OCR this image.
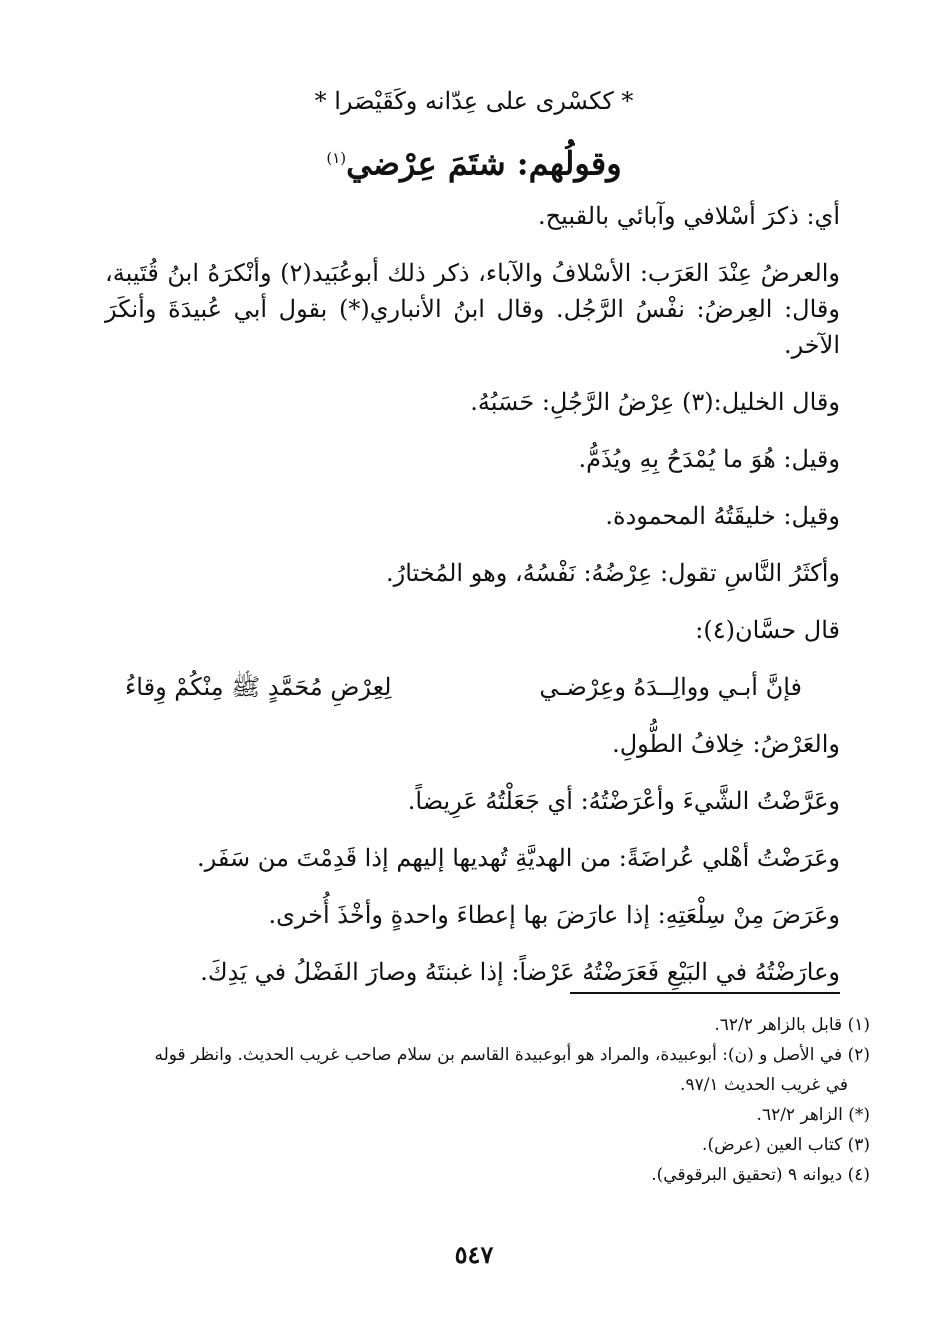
* ككسْرى على عِدّانه وكَقَيْصَرا *
وقولُهم: شتَمَ عِرْضي$^{(١)}$

أي: ذكرَ أسْلافي وآبائي بالقبيح.

والعرضُ عِنْدَ العَرَب: الأسْلافُ والآباء، ذكر ذلك أبوعُبَيد(٢) وأنْكرَهُ ابنُ قُتَيبة، وقال: العِرضُ: نفْسُ الرَّجُل. وقال ابنُ الأنباري(*) بقول أبي عُبيدَةَ وأنكَرَ الآخر.

وقال الخليل:(٣) عِرْضُ الرَّجُلِ: حَسَبُهُ.

وقيل: هُوَ ما يُمْدَحُ بِهِ ويُذَمُّ.

وقيل: خليقَتُهُ المحمودة.

وأكثَرُ النَّاسِ تقول: عِرْضُهُ: نَفْسُهُ، وهو المُختارُ.

قال حسَّان(٤):

فإنَّ أبـي ووالِــدَهُ وعِرْضـي
لِعِرْضِ مُحَمَّدٍ ﷺ مِنْكُمْ وِقاءُ

والعَرْضُ: خِلافُ الطُّولِ.

وعَرَّضْتُ الشَّيءَ وأعْرَضْتُهُ: أي جَعَلْتُهُ عَرِيضاً.

وعَرَضْتُ أهْلي عُراضَةً: من الهديَّةِ تُهديها إليهم إذا قَدِمْتَ من سَفَر.

وعَرَضَ مِنْ سِلْعَتِهِ: إذا عارَضَ بها إعطاءَ واحدةٍ وأخْذَ أُخرى.

وعارَضْتُهُ في البَيْعِ فَعَرَضْتُهُ عَرْضاً: إذا غبنتَهُ وصارَ الفَضْلُ في يَدِكَ.

(١) قابل بالزاهر ٦٢/٢.

(٢) في الأصل و (ن): أبوعبيدة، والمراد هو أبوعبيدة القاسم بن سلام صاحب غريب الحديث. وانظر قوله

في غريب الحديث ٩٧/١.

(*) الزاهر ٦٢/٢.

(٣) كتاب العين (عرض).

(٤) ديوانه ٩ (تحقيق البرقوقي).

٥٤٧
